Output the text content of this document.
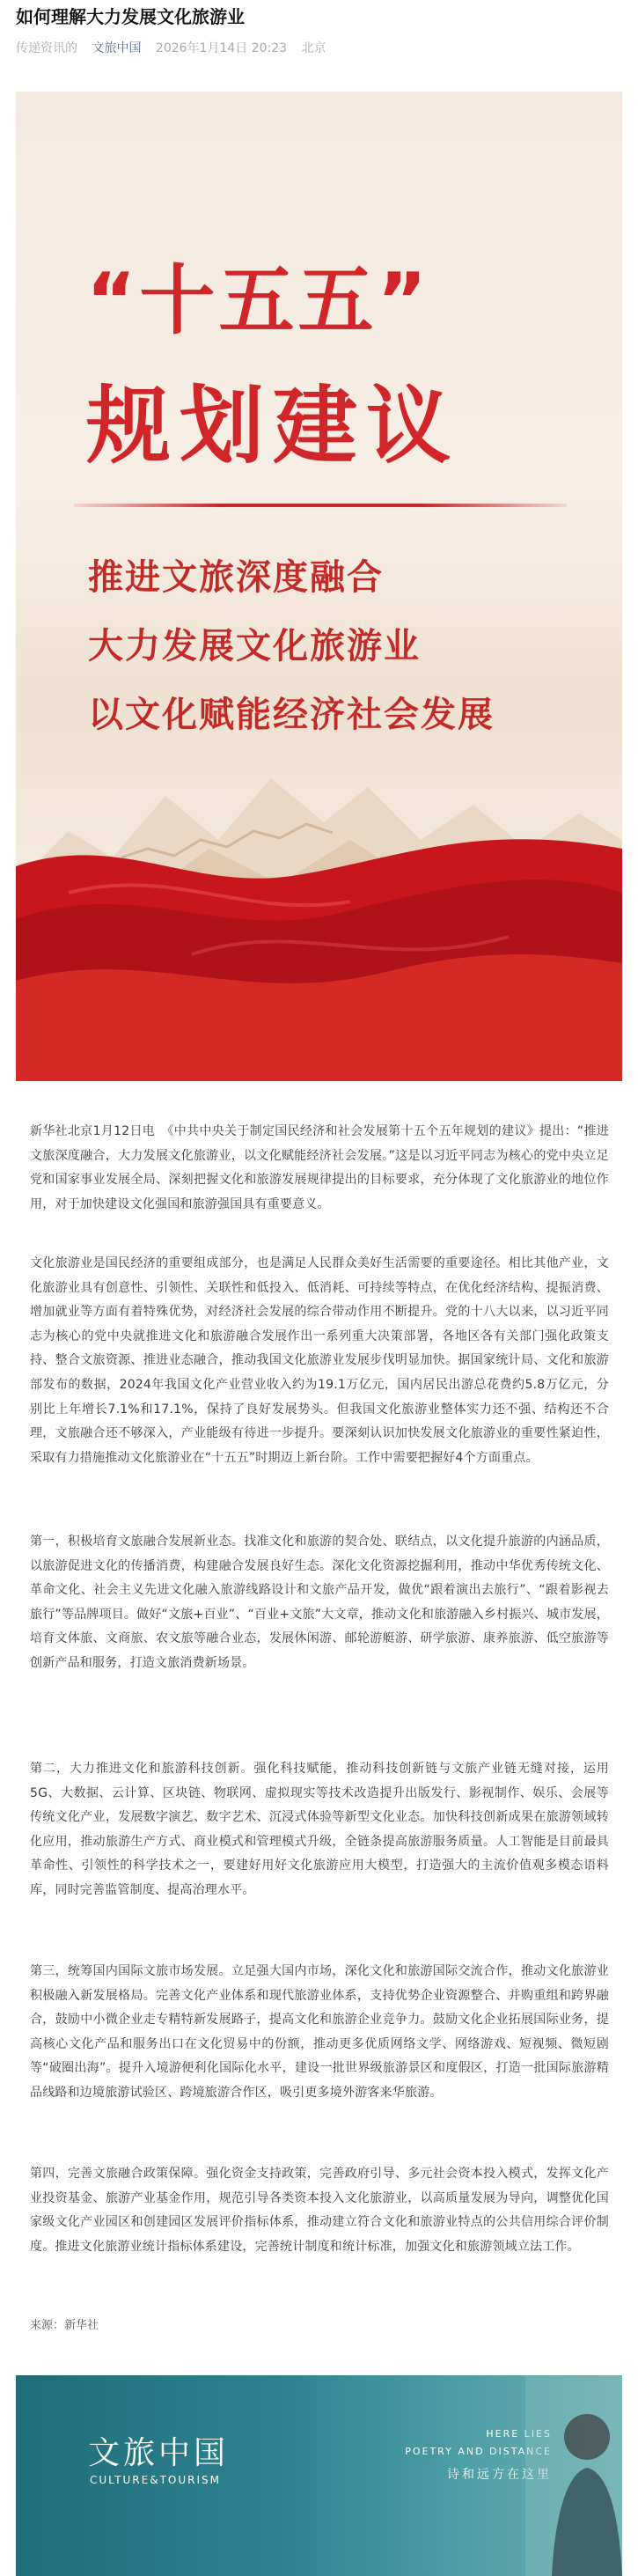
如何理解大力发展文化旅游业
传递资讯的 文旅中国 2026年1月14日 20:23 北京
“十五五”
规划建议
推进文旅深度融合
大力发展文化旅游业
以文化赋能经济社会发展
CULTURE & TOURISM

新华社北京1月12日电　《中共中央关于制定国民经济和社会发展第十五个五年规划的建议》提出：“推进文旅深度融合，大力发展文化旅游业，以文化赋能经济社会发展。”这是以习近平同志为核心的党中央立足党和国家事业发展全局、深刻把握文化和旅游发展规律提出的目标要求，充分体现了文化旅游业的地位作用，对于加快建设文化强国和旅游强国具有重要意义。

文化旅游业是国民经济的重要组成部分，也是满足人民群众美好生活需要的重要途径。相比其他产业，文化旅游业具有创意性、引领性、关联性和低投入、低消耗、可持续等特点，在优化经济结构、提振消费、增加就业等方面有着特殊优势，对经济社会发展的综合带动作用不断提升。党的十八大以来，以习近平同志为核心的党中央就推进文化和旅游融合发展作出一系列重大决策部署，各地区各有关部门强化政策支持、整合文旅资源、推进业态融合，推动我国文化旅游业发展步伐明显加快。据国家统计局、文化和旅游部发布的数据，2024年我国文化产业营业收入约为19.1万亿元，国内居民出游总花费约5.8万亿元，分别比上年增长7.1%和17.1%，保持了良好发展势头。但我国文化旅游业整体实力还不强、结构还不合理，文旅融合还不够深入，产业能级有待进一步提升。要深刻认识加快发展文化旅游业的重要性紧迫性，采取有力措施推动文化旅游业在“十五五”时期迈上新台阶。工作中需要把握好4个方面重点。

第一，积极培育文旅融合发展新业态。找准文化和旅游的契合处、联结点，以文化提升旅游的内涵品质，以旅游促进文化的传播消费，构建融合发展良好生态。深化文化资源挖掘利用，推动中华优秀传统文化、革命文化、社会主义先进文化融入旅游线路设计和文旅产品开发，做优“跟着演出去旅行”、“跟着影视去旅行”等品牌项目。做好“文旅+百业”、“百业+文旅”大文章，推动文化和旅游融入乡村振兴、城市发展，培育文体旅、文商旅、农文旅等融合业态，发展休闲游、邮轮游艇游、研学旅游、康养旅游、低空旅游等创新产品和服务，打造文旅消费新场景。

第二，大力推进文化和旅游科技创新。强化科技赋能，推动科技创新链与文旅产业链无缝对接，运用5G、大数据、云计算、区块链、物联网、虚拟现实等技术改造提升出版发行、影视制作、娱乐、会展等传统文化产业，发展数字演艺、数字艺术、沉浸式体验等新型文化业态。加快科技创新成果在旅游领域转化应用，推动旅游生产方式、商业模式和管理模式升级，全链条提高旅游服务质量。人工智能是目前最具革命性、引领性的科学技术之一，要建好用好文化旅游应用大模型，打造强大的主流价值观多模态语料库，同时完善监管制度、提高治理水平。

第三，统筹国内国际文旅市场发展。立足强大国内市场，深化文化和旅游国际交流合作，推动文化旅游业积极融入新发展格局。完善文化产业体系和现代旅游业体系，支持优势企业资源整合、并购重组和跨界融合，鼓励中小微企业走专精特新发展路子，提高文化和旅游企业竞争力。鼓励文化企业拓展国际业务，提高核心文化产品和服务出口在文化贸易中的份额，推动更多优质网络文学、网络游戏、短视频、微短剧等“破圈出海”。提升入境游便利化国际化水平，建设一批世界级旅游景区和度假区，打造一批国际旅游精品线路和边境旅游试验区、跨境旅游合作区，吸引更多境外游客来华旅游。

第四，完善文旅融合政策保障。强化资金支持政策，完善政府引导、多元社会资本投入模式，发挥文化产业投资基金、旅游产业基金作用，规范引导各类资本投入文化旅游业，以高质量发展为导向，调整优化国家级文化产业园区和创建园区发展评价指标体系，推动建立符合文化和旅游业特点的公共信用综合评价制度。推进文化旅游业统计指标体系建设，完善统计制度和统计标准，加强文化和旅游领域立法工作。

来源：新华社
文旅中国
CULTURE&TOURISM
HERE LIES
POETRY AND DISTANCE
诗和远方在这里
